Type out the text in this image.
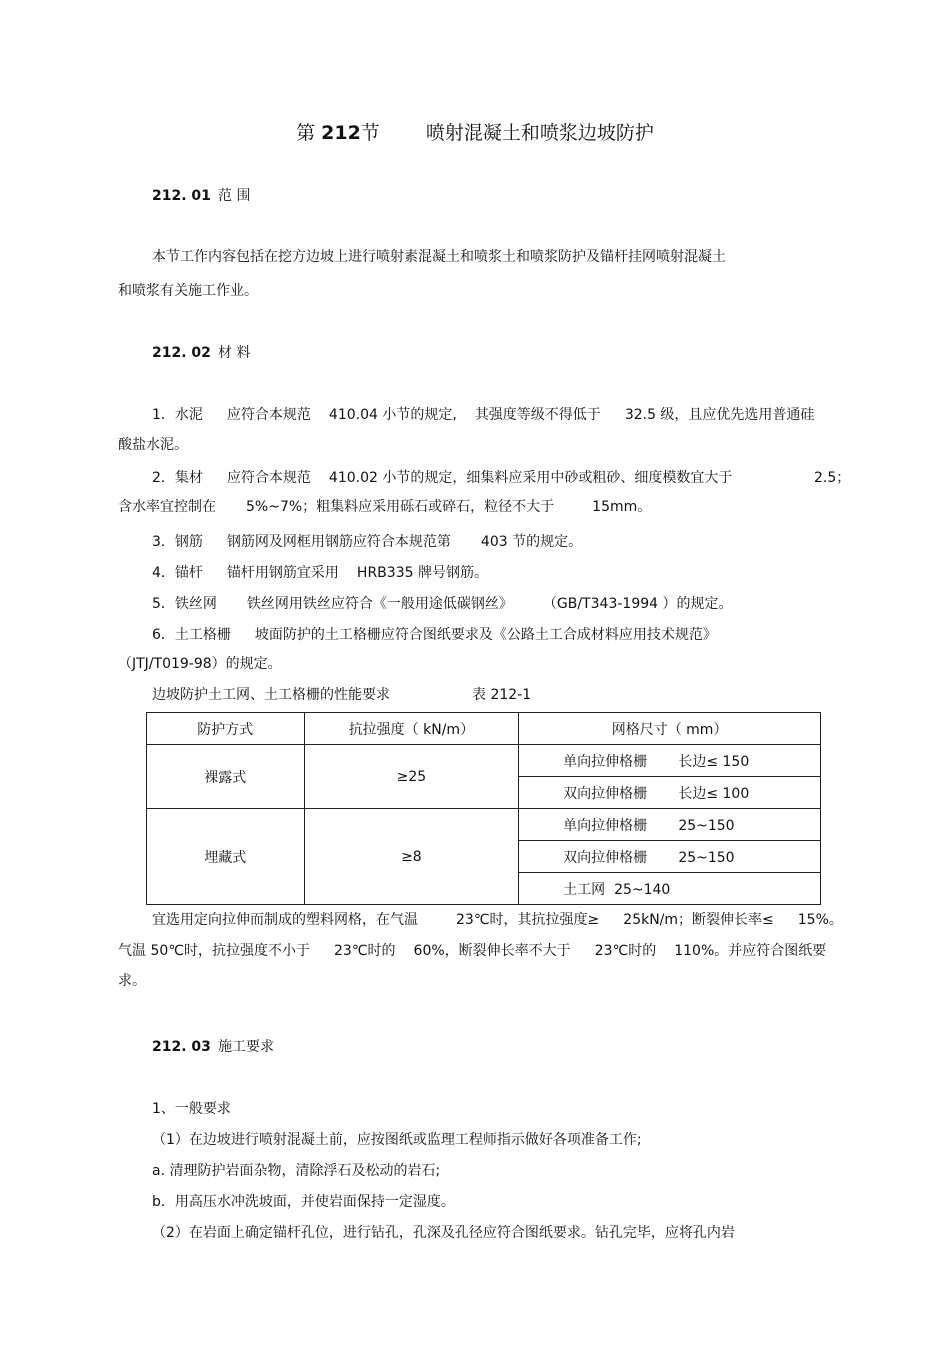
第 212节 喷射混凝土和喷浆边坡防护
212. 01 范 围
本节工作内容包括在挖方边坡上进行喷射素混凝土和喷浆土和喷浆防护及锚杆挂网喷射混凝土
和喷浆有关施工作业。
212. 02 材 料
1．水泥 应符合本规范 410.04 小节的规定, 其强度等级不得低于 32.5 级，且应优先选用普通硅
酸盐水泥。
2．集材 应符合本规范 410.02 小节的规定，细集料应采用中砂或粗砂、细度模数宜大于	2.5；
含水率宜控制在 5%~7%；粗集料应采用砾石或碎石，粒径不大于	15mm。
3．钢筋 钢筋网及网框用钢筋应符合本规范第 403 节的规定。
4．锚杆 锚杆用钢筋宜采用 HRB335 牌号钢筋。
5．铁丝网 铁丝网用铁丝应符合《一般用途低碳钢丝》 （GB/T343-1994 ）的规定。
6．土工格栅 坡面防护的土工格栅应符合图纸要求及《公路土工合成材料应用技术规范》
（JTJ/T019-98）的规定。
边坡防护土工网、土工格栅的性能要求	表 212-1
防护方式	抗拉强度（ kN/m）	网格尺寸（ mm）
裸露式	≥25	单向拉伸格栅       长边≤ 150
		双向拉伸格栅       长边≤ 100
埋藏式	≥8	单向拉伸格栅       25~150
		双向拉伸格栅       25~150
		土工网  25~140
宜选用定向拉伸而制成的塑料网格，在气温	23℃时，其抗拉强度≥ 25kN/m；断裂伸长率≤ 15%。
气温 50℃时，抗拉强度不小于 23℃时的 60%，断裂伸长率不大于 23℃时的 110%。并应符合图纸要
求。
212. 03 施工要求
1、一般要求
（1）在边坡进行喷射混凝土前，应按图纸或监理工程师指示做好各项准备工作;
a. 清理防护岩面杂物，清除浮石及松动的岩石;
b．用高压水冲洗坡面，并使岩面保持一定湿度。
（2）在岩面上确定锚杆孔位，进行钻孔，孔深及孔径应符合图纸要求。钻孔完毕，应将孔内岩
